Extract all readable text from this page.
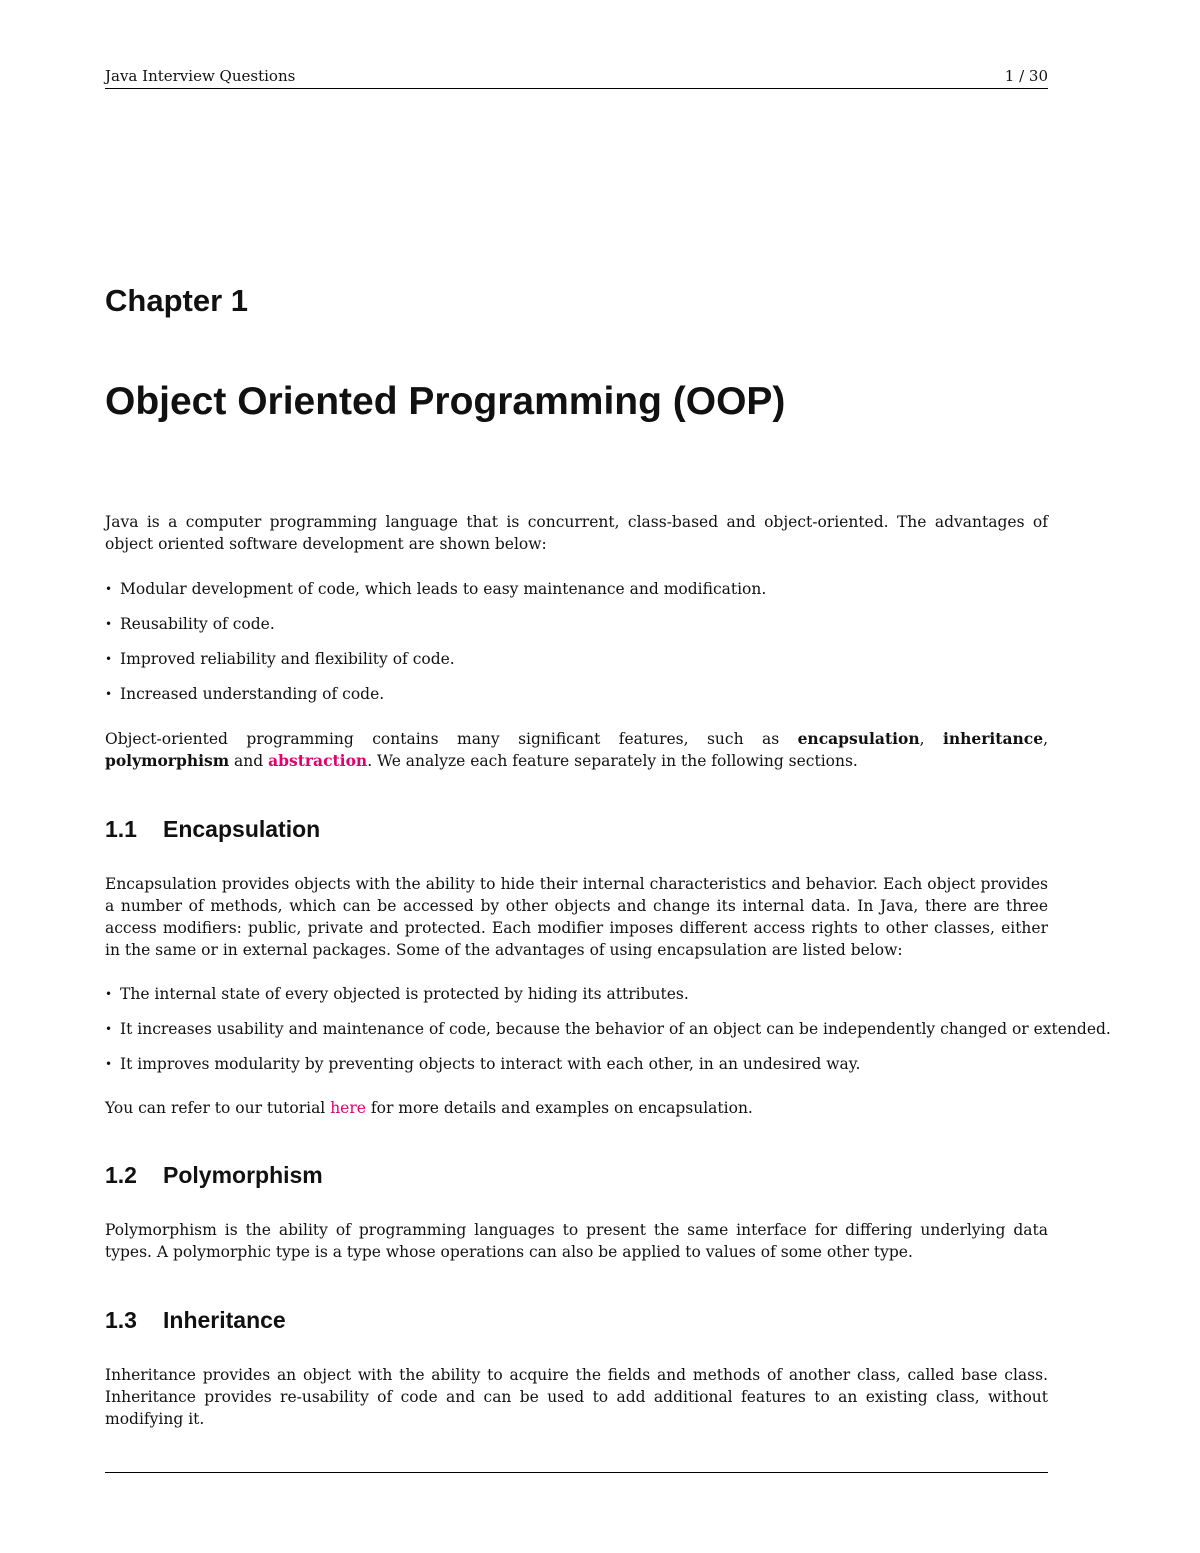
Java Interview Questions	1 / 30
Chapter 1
Object Oriented Programming (OOP)
Java is a computer programming language that is concurrent, class-based and object-oriented. The advantages of object oriented software development are shown below:
• Modular development of code, which leads to easy maintenance and modification.
• Reusability of code.
• Improved reliability and flexibility of code.
• Increased understanding of code.
Object-oriented programming contains many significant features, such as encapsulation, inheritance, polymorphism and abstraction. We analyze each feature separately in the following sections.
1.1 Encapsulation
Encapsulation provides objects with the ability to hide their internal characteristics and behavior. Each object provides a number of methods, which can be accessed by other objects and change its internal data. In Java, there are three access modifiers: public, private and protected. Each modifier imposes different access rights to other classes, either in the same or in external packages. Some of the advantages of using encapsulation are listed below:
• The internal state of every objected is protected by hiding its attributes.
• It increases usability and maintenance of code, because the behavior of an object can be independently changed or extended.
• It improves modularity by preventing objects to interact with each other, in an undesired way.
You can refer to our tutorial here for more details and examples on encapsulation.
1.2 Polymorphism
Polymorphism is the ability of programming languages to present the same interface for differing underlying data types. A polymorphic type is a type whose operations can also be applied to values of some other type.
1.3 Inheritance
Inheritance provides an object with the ability to acquire the fields and methods of another class, called base class. Inheritance provides re-usability of code and can be used to add additional features to an existing class, without modifying it.
